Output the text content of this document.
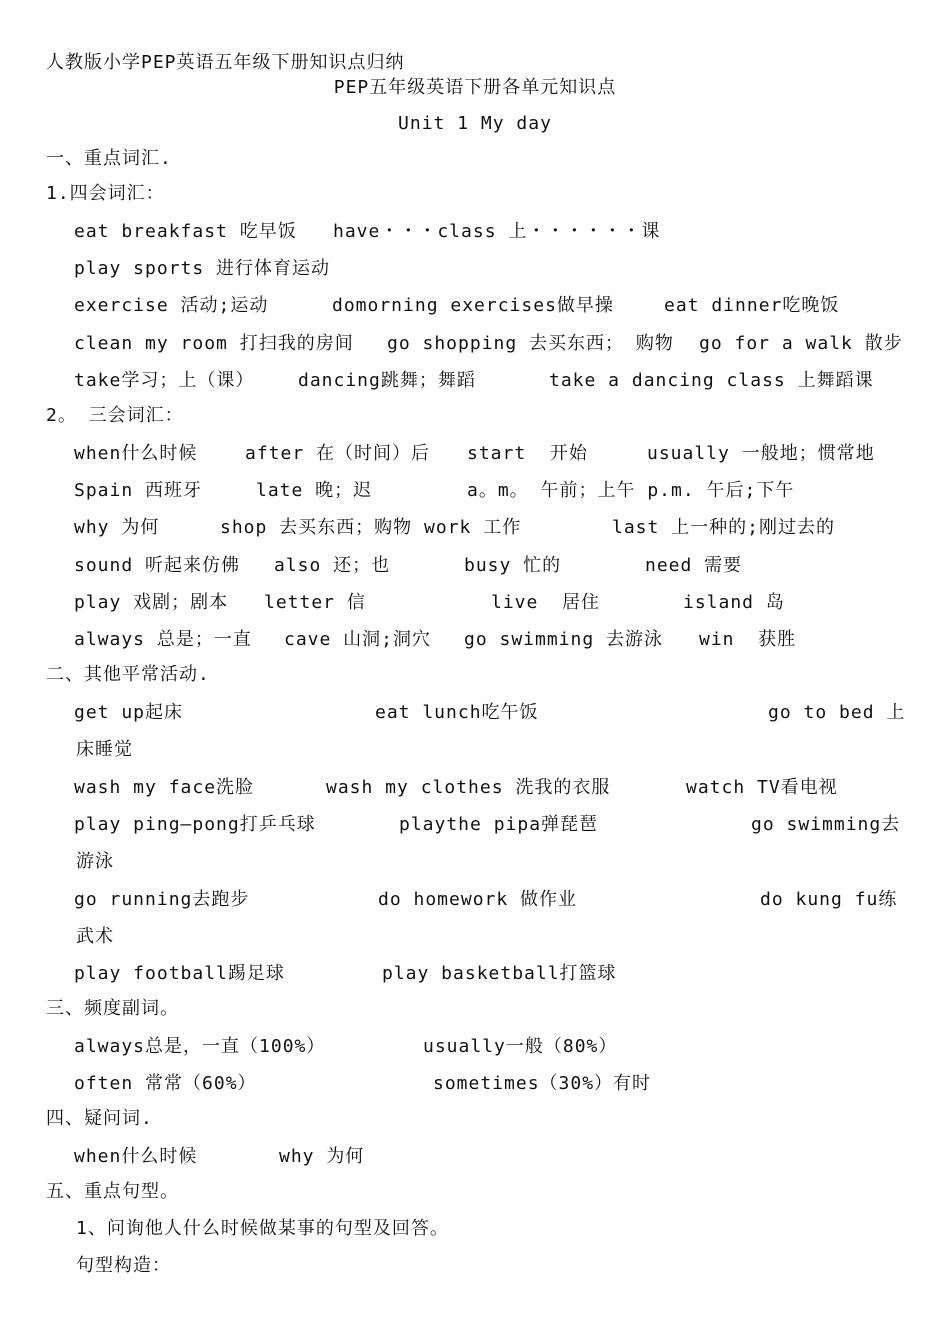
人教版小学PEP英语五年级下册知识点归纳
PEP五年级英语下册各单元知识点
Unit 1 My day
一、重点词汇.
1.四会词汇：
eat breakfast 吃早饭 have・・・class 上・・・・・・课
play sports 进行体育运动
exercise 活动;运动	domorning exercises做早操	eat dinner吃晚饭
clean my room 打扫我的房间 go shopping 去买东西； 购物 go for a walk 散步
take学习；上（课） dancing跳舞；舞蹈	take a dancing class 上舞蹈课
2。 三会词汇：
when什么时候	after 在（时间）后 start  开始	usually 一般地；惯常地
Spain 西班牙	late 晚；迟	a。m。 午前；上午 p.m. 午后;下午
why 为何	shop 去买东西；购物 work 工作	last 上一种的;刚过去的
sound 听起来仿佛 also 还；也	busy 忙的	need 需要
play 戏剧；剧本 letter 信	live  居住	island 岛
always 总是；一直 cave 山洞;洞穴 go swimming 去游泳 win  获胜
二、其他平常活动.
get up起床	eat lunch吃午饭	go to bed 上
床睡觉
wash my face洗脸	wash my clothes 洗我的衣服	watch TV看电视
play ping—pong打乒乓球	playthe pipa弹琵琶	go swimming去
游泳
go running去跑步	do homework 做作业	do kung fu练
武术
play football踢足球	play basketball打篮球
三、频度副词。
always总是，一直（100%）	usually一般（80%）
often 常常（60%）	sometimes（30%）有时
四、疑问词.
when什么时候	why 为何
五、重点句型。
1、问询他人什么时候做某事的句型及回答。
句型构造：
